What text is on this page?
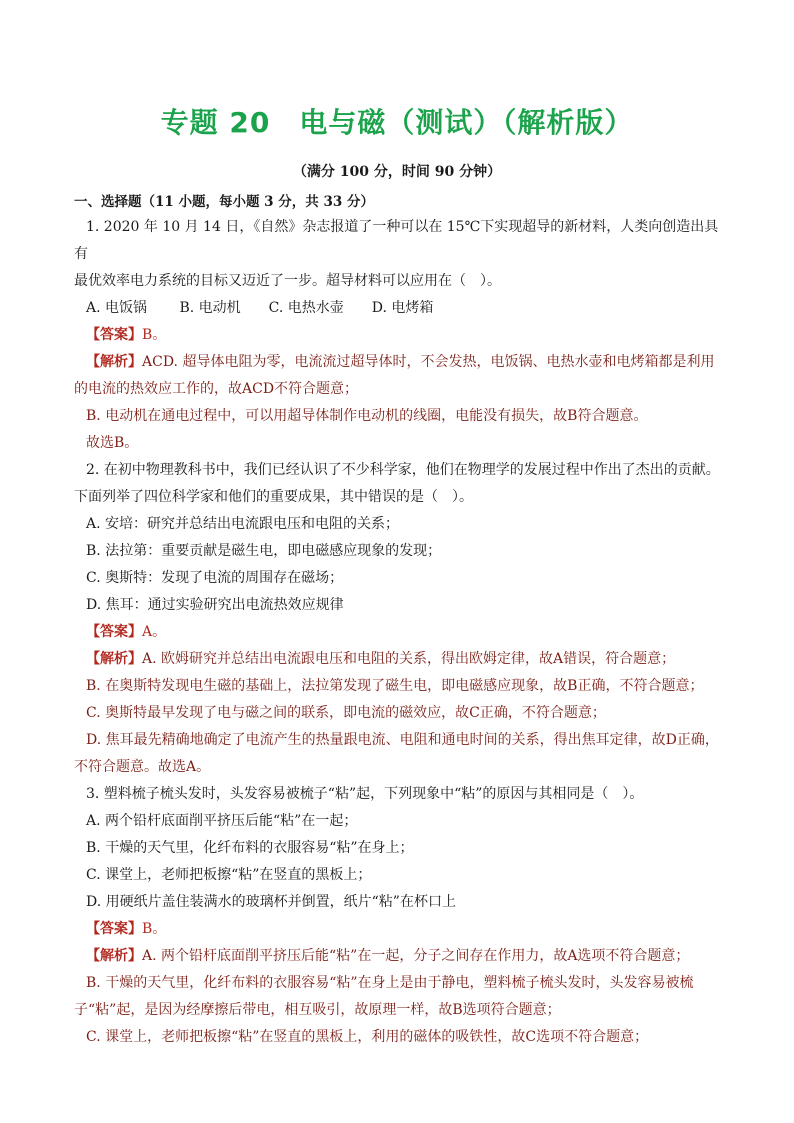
专题 20　电与磁（测试）（解析版）
（满分 100 分，时间 90 分钟）
一、选择题（11 小题，每小题 3 分，共 33 分）
1. 2020 年 10 月 14 日，《自然》杂志报道了一种可以在 15℃下实现超导的新材料，人类向创造出具有
最优效率电力系统的目标又迈近了一步。超导材料可以应用在（　）。
A. 电饭锅　　 B. 电动机　　C. 电热水壶　　D. 电烤箱
【答案】B。
【解析】ACD. 超导体电阻为零，电流流过超导体时，不会发热，电饭锅、电热水壶和电烤箱都是利用
的电流的热效应工作的，故ACD不符合题意；
B. 电动机在通电过程中，可以用超导体制作电动机的线圈，电能没有损失，故B符合题意。
故选B。
2. 在初中物理教科书中，我们已经认识了不少科学家，他们在物理学的发展过程中作出了杰出的贡献。
下面列举了四位科学家和他们的重要成果，其中错误的是（　）。
A. 安培：研究并总结出电流跟电压和电阻的关系；
B. 法拉第：重要贡献是磁生电，即电磁感应现象的发现；
C. 奥斯特：发现了电流的周围存在磁场；
D. 焦耳：通过实验研究出电流热效应规律
【答案】A。
【解析】A. 欧姆研究并总结出电流跟电压和电阻的关系，得出欧姆定律，故A错误，符合题意；
B. 在奥斯特发现电生磁的基础上，法拉第发现了磁生电，即电磁感应现象，故B正确，不符合题意；
C. 奥斯特最早发现了电与磁之间的联系，即电流的磁效应，故C正确，不符合题意；
D. 焦耳最先精确地确定了电流产生的热量跟电流、电阻和通电时间的关系，得出焦耳定律，故D正确，
不符合题意。故选A。
3. 塑料梳子梳头发时，头发容易被梳子“粘”起，下列现象中“粘”的原因与其相同是（　）。
A. 两个铅杆底面削平挤压后能“粘”在一起；
B. 干燥的天气里，化纤布料的衣服容易“粘”在身上；
C. 课堂上，老师把板擦“粘”在竖直的黑板上；
D. 用硬纸片盖住装满水的玻璃杯并倒置，纸片“粘”在杯口上
【答案】B。
【解析】A. 两个铅杆底面削平挤压后能“粘”在一起，分子之间存在作用力，故A选项不符合题意；
B. 干燥的天气里，化纤布料的衣服容易“粘”在身上是由于静电，塑料梳子梳头发时，头发容易被梳
子“粘”起，是因为经摩擦后带电，相互吸引，故原理一样，故B选项符合题意；
C. 课堂上，老师把板擦“粘”在竖直的黑板上，利用的磁体的吸铁性，故C选项不符合题意；
